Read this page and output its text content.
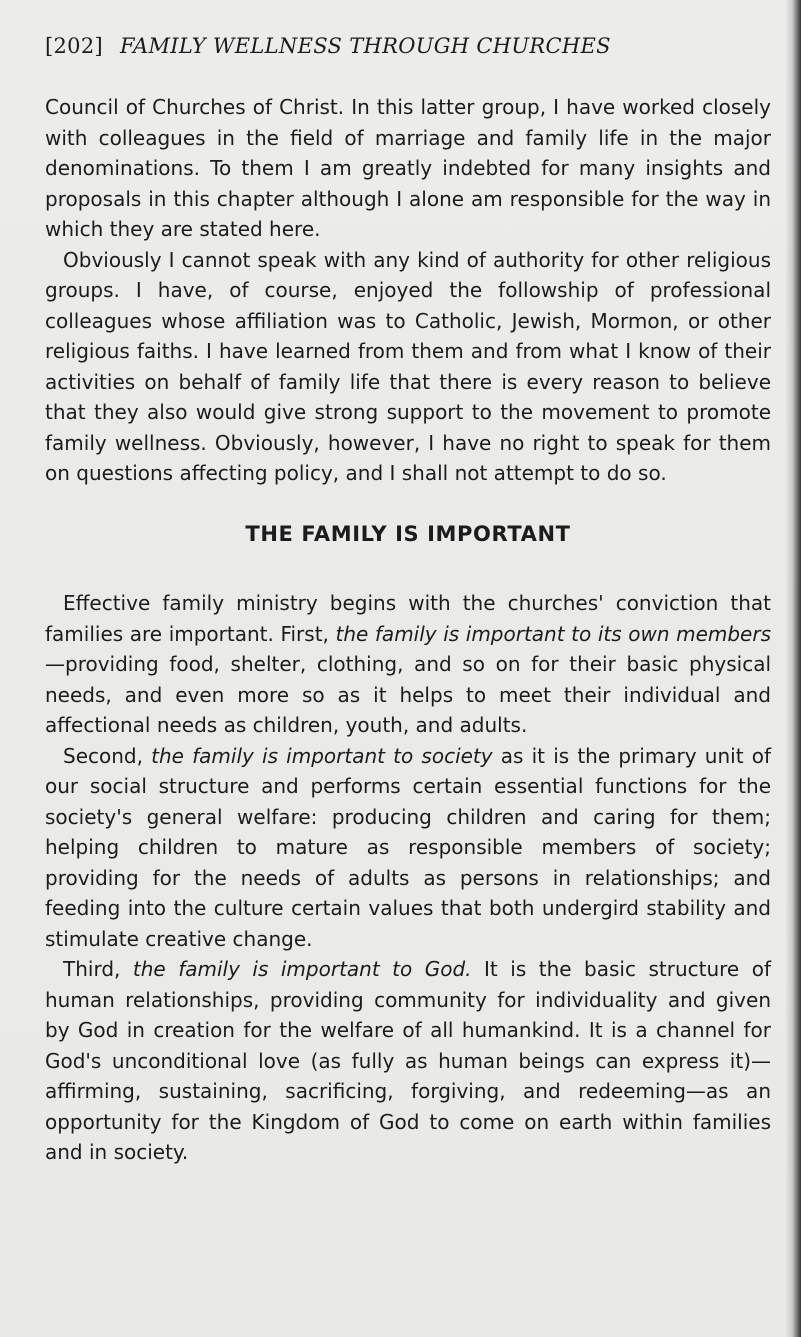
[202] FAMILY WELLNESS THROUGH CHURCHES

Council of Churches of Christ. In this latter group, I have worked closely with colleagues in the field of marriage and family life in the major denominations. To them I am greatly indebted for many insights and proposals in this chapter although I alone am responsible for the way in which they are stated here.

Obviously I cannot speak with any kind of authority for other religious groups. I have, of course, enjoyed the followship of professional colleagues whose affiliation was to Catholic, Jewish, Mormon, or other religious faiths. I have learned from them and from what I know of their activities on behalf of family life that there is every reason to believe that they also would give strong support to the movement to promote family wellness. Obviously, however, I have no right to speak for them on questions affecting policy, and I shall not attempt to do so.

THE FAMILY IS IMPORTANT

Effective family ministry begins with the churches' conviction that families are important. First, the family is important to its own members—providing food, shelter, clothing, and so on for their basic physical needs, and even more so as it helps to meet their individual and affectional needs as children, youth, and adults.

Second, the family is important to society as it is the primary unit of our social structure and performs certain essential functions for the society's general welfare: producing children and caring for them; helping children to mature as responsible members of society; providing for the needs of adults as persons in relationships; and feeding into the culture certain values that both undergird stability and stimulate creative change.

Third, the family is important to God. It is the basic structure of human relationships, providing community for individuality and given by God in creation for the welfare of all humankind. It is a channel for God's unconditional love (as fully as human beings can express it)—affirming, sustaining, sacrificing, forgiving, and redeeming—as an opportunity for the Kingdom of God to come on earth within families and in society.
